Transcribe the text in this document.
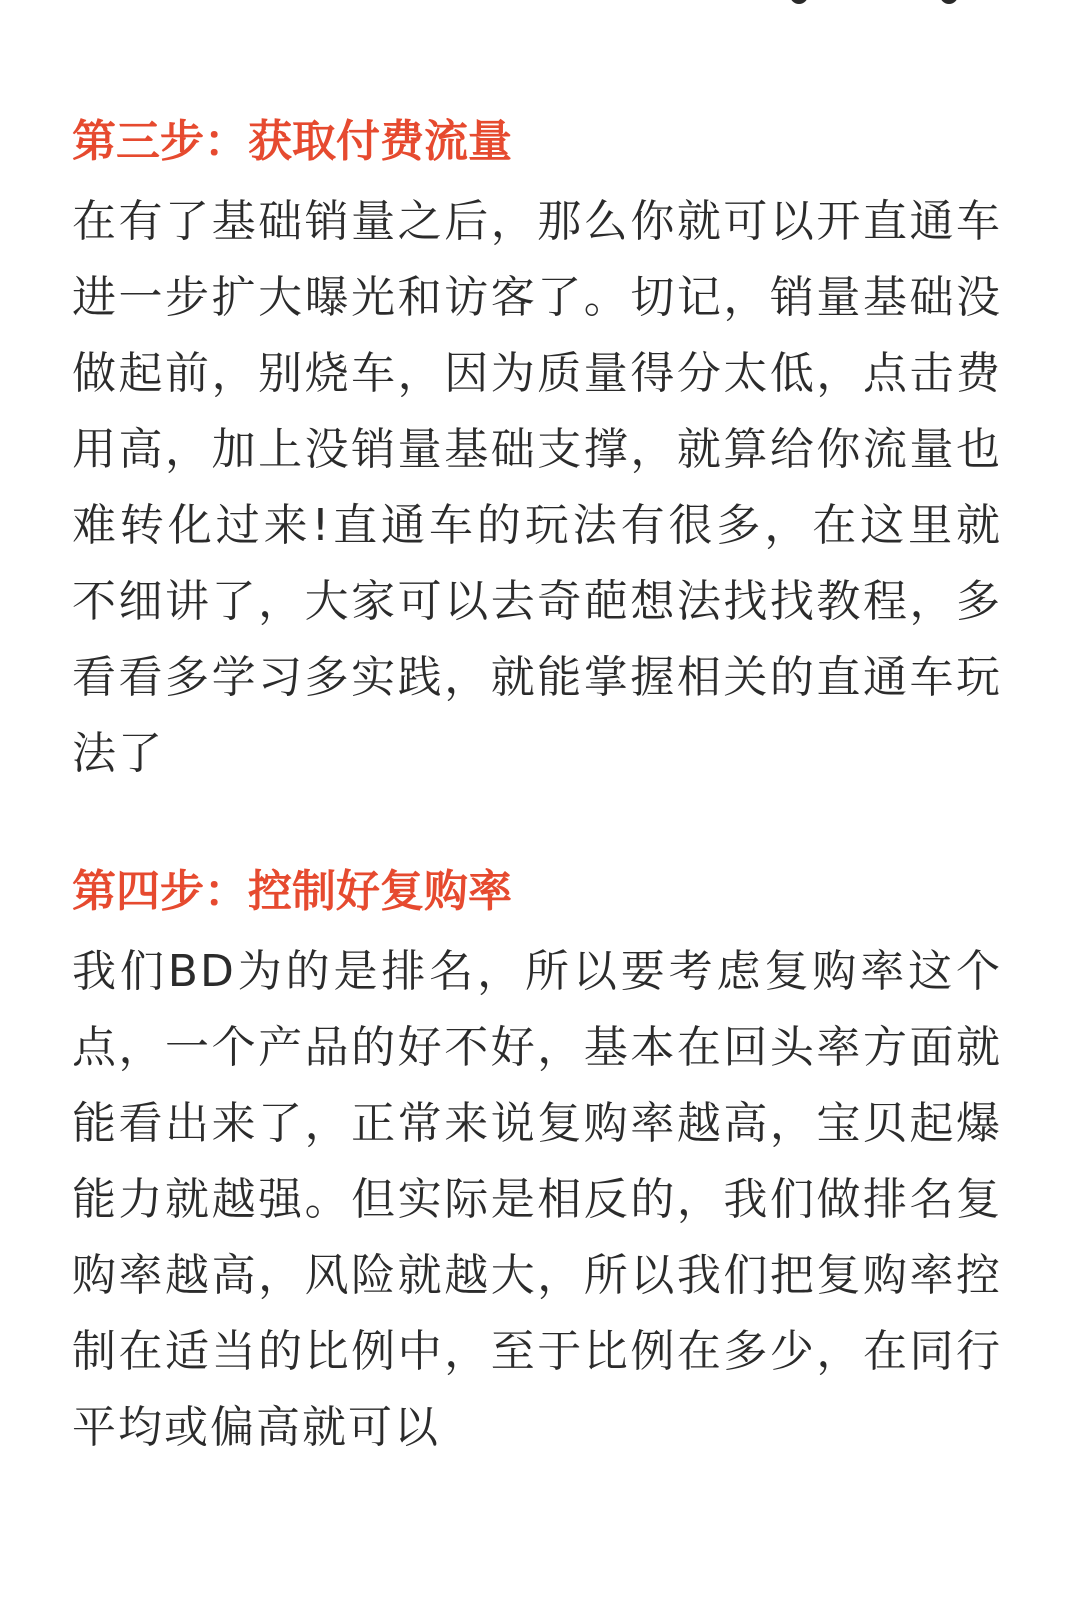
第三步：获取付费流量

在有了基础销量之后，那么你就可以开直通车进一步扩大曝光和访客了。切记，销量基础没做起前，别烧车，因为质量得分太低，点击费用高，加上没销量基础支撑，就算给你流量也难转化过来!直通车的玩法有很多，在这里就不细讲了，大家可以去奇葩想法找找教程，多看看多学习多实践，就能掌握相关的直通车玩法了

第四步：控制好复购率

我们BD为的是排名，所以要考虑复购率这个点，一个产品的好不好，基本在回头率方面就能看出来了，正常来说复购率越高，宝贝起爆能力就越强。但实际是相反的，我们做排名复购率越高，风险就越大，所以我们把复购率控制在适当的比例中，至于比例在多少，在同行平均或偏高就可以
